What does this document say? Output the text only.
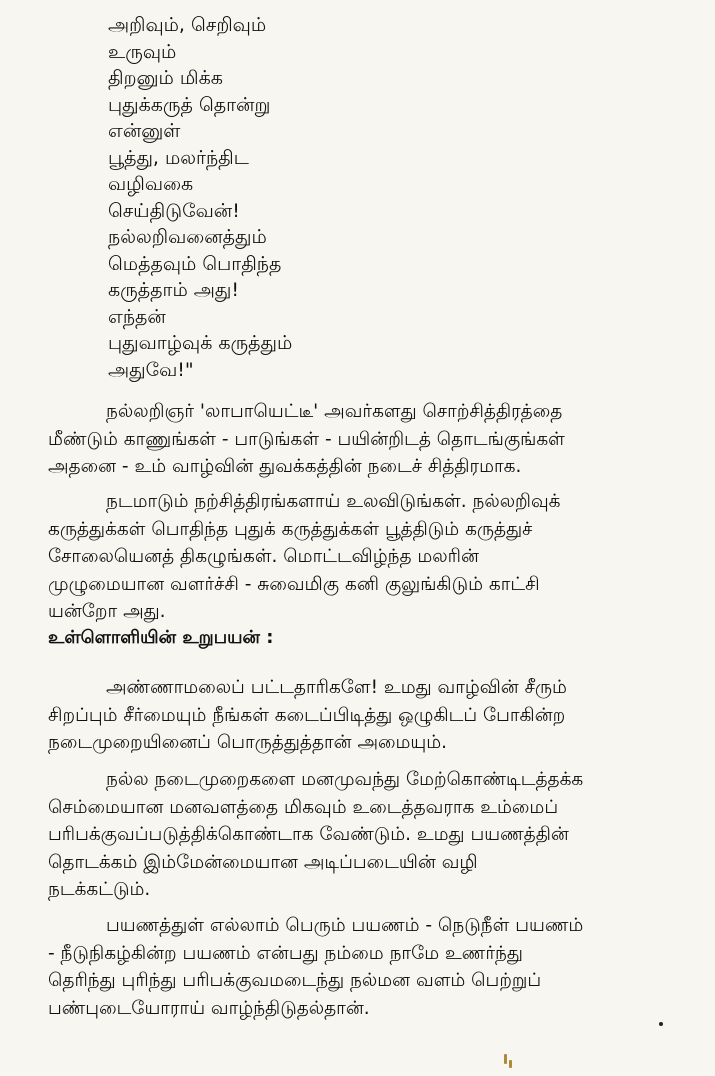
அறிவும், செறிவும்

உருவும்

திறனும் மிக்க

புதுக்கருத் தொன்று

என்னுள்

பூத்து, மலர்ந்திட

வழிவகை

செய்திடுவேன்!

நல்லறிவனைத்தும்

மெத்தவும் பொதிந்த

கருத்தாம் அது!

எந்தன்

புதுவாழ்வுக் கருத்தும்

அதுவே!"

நல்லறிஞர் 'லாபாயெட்டீ' அவர்களது சொற்சித்திரத்தை
மீண்டும் காணுங்கள் - பாடுங்கள் - பயின்றிடத் தொடங்குங்கள்
அதனை - உம் வாழ்வின் துவக்கத்தின் நடைச் சித்திரமாக.

நடமாடும் நற்சித்திரங்களாய் உலவிடுங்கள். நல்லறிவுக்
கருத்துக்கள் பொதிந்த புதுக் கருத்துக்கள் பூத்திடும் கருத்துச்
சோலையெனத் திகழுங்கள். மொட்டவிழ்ந்த மலரின்
முழுமையான வளர்ச்சி - சுவைமிகு கனி குலுங்கிடும் காட்சி
யன்றோ அது.

உள்ளொளியின் உறுபயன் :

அண்ணாமலைப் பட்டதாரிகளே! உமது வாழ்வின் சீரும்
சிறப்பும் சீர்மையும் நீங்கள் கடைப்பிடித்து ஒழுகிடப் போகின்ற
நடைமுறையினைப் பொருத்துத்தான் அமையும்.

நல்ல நடைமுறைகளை மனமுவந்து மேற்கொண்டிடத்தக்க
செம்மையான மனவளத்தை மிகவும் உடைத்தவராக உம்மைப்
பரிபக்குவப்படுத்திக்கொண்டாக வேண்டும். உமது பயணத்தின்
தொடக்கம் இம்மேன்மையான அடிப்படையின் வழி
நடக்கட்டும்.

பயணத்துள் எல்லாம் பெரும் பயணம் - நெடுநீள் பயணம்
- நீடுநிகழ்கின்ற பயணம் என்பது நம்மை நாமே உணர்ந்து
தெரிந்து புரிந்து பரிபக்குவமடைந்து நல்மன வளம் பெற்றுப்
பண்புடையோராய் வாழ்ந்திடுதல்தான்.
